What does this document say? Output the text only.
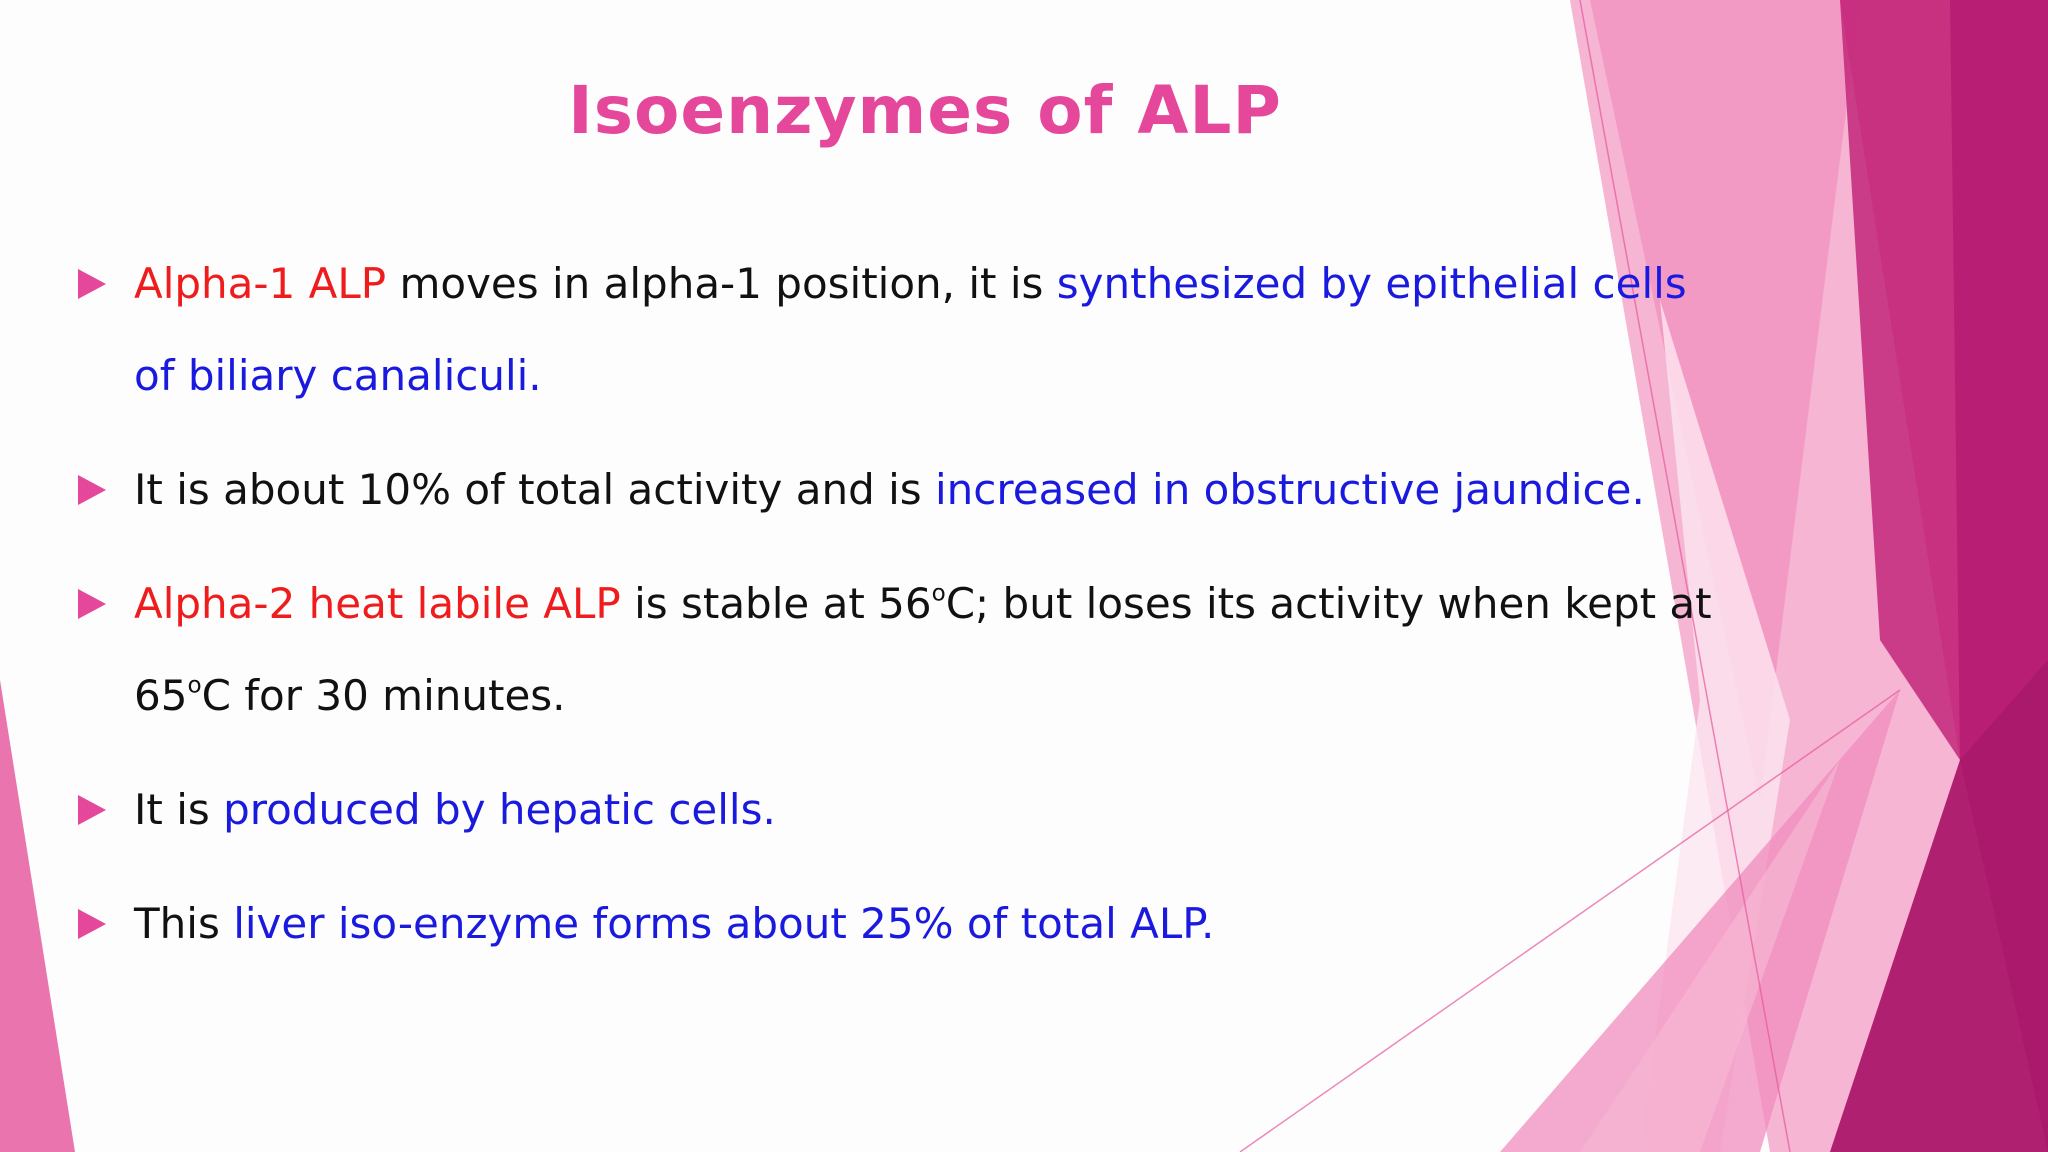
Isoenzymes of ALP
Alpha-1 ALP moves in alpha-1 position, it is synthesized by epithelial cells of biliary canaliculi.
It is about 10% of total activity and is increased in obstructive jaundice.
Alpha-2 heat labile ALP is stable at 56$^o$C; but loses its activity when kept at 65$^o$C for 30 minutes.
It is produced by hepatic cells.
This liver iso-enzyme forms about 25% of total ALP.
